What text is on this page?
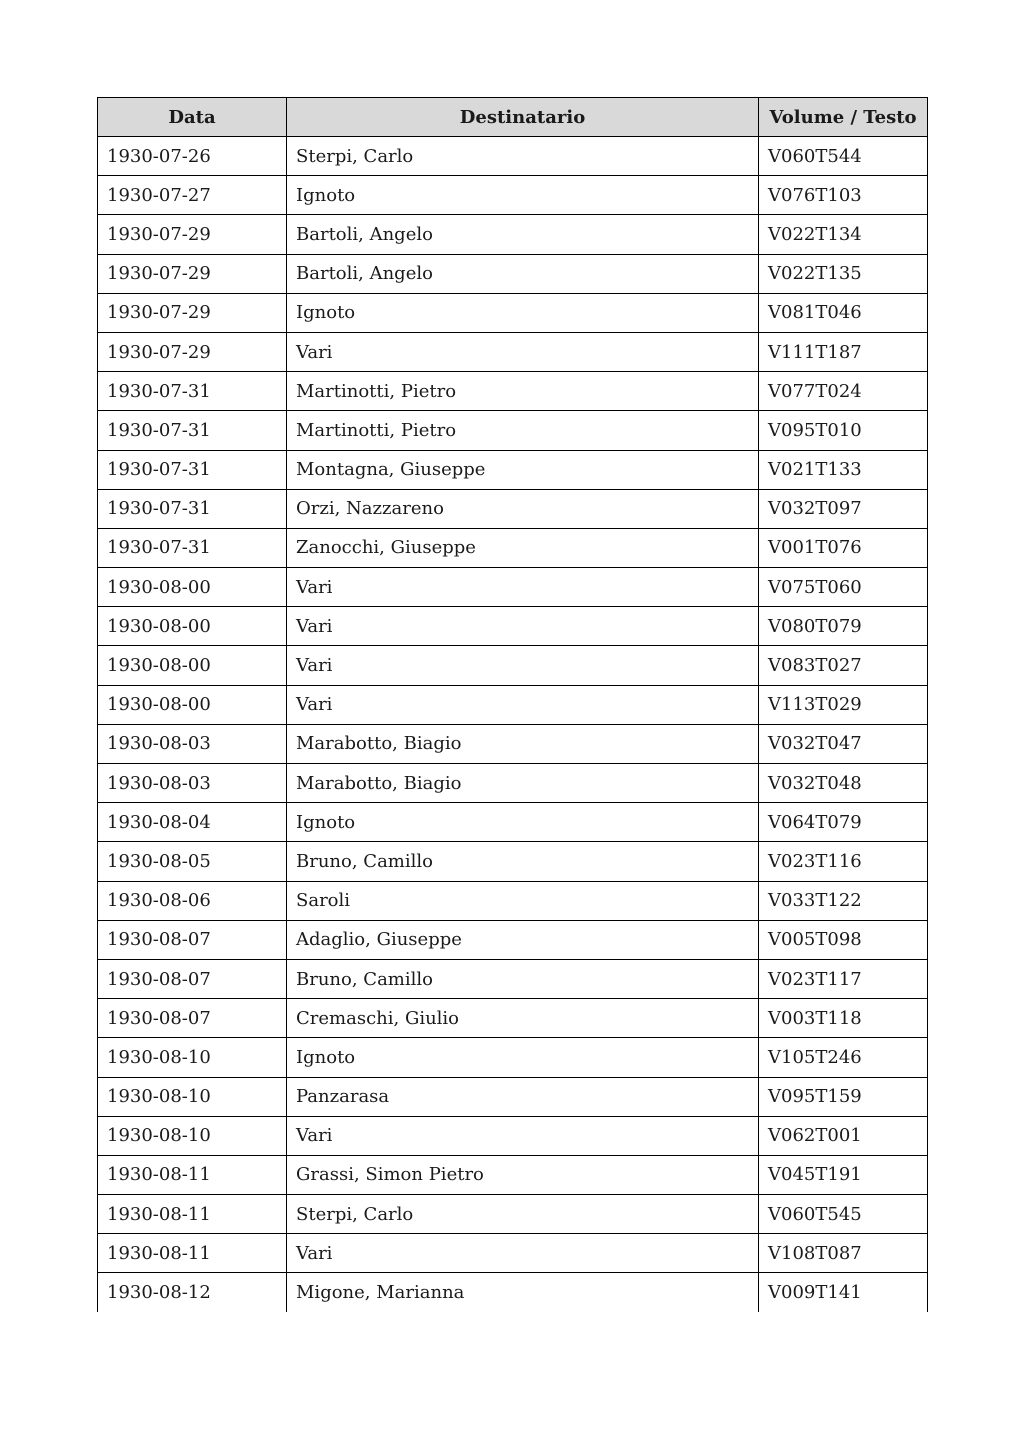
Data	Destinatario	Volume / Testo
1930-07-26	Sterpi, Carlo	V060T544
1930-07-27	Ignoto	V076T103
1930-07-29	Bartoli, Angelo	V022T134
1930-07-29	Bartoli, Angelo	V022T135
1930-07-29	Ignoto	V081T046
1930-07-29	Vari	V111T187
1930-07-31	Martinotti, Pietro	V077T024
1930-07-31	Martinotti, Pietro	V095T010
1930-07-31	Montagna, Giuseppe	V021T133
1930-07-31	Orzi, Nazzareno	V032T097
1930-07-31	Zanocchi, Giuseppe	V001T076
1930-08-00	Vari	V075T060
1930-08-00	Vari	V080T079
1930-08-00	Vari	V083T027
1930-08-00	Vari	V113T029
1930-08-03	Marabotto, Biagio	V032T047
1930-08-03	Marabotto, Biagio	V032T048
1930-08-04	Ignoto	V064T079
1930-08-05	Bruno, Camillo	V023T116
1930-08-06	Saroli	V033T122
1930-08-07	Adaglio, Giuseppe	V005T098
1930-08-07	Bruno, Camillo	V023T117
1930-08-07	Cremaschi, Giulio	V003T118
1930-08-10	Ignoto	V105T246
1930-08-10	Panzarasa	V095T159
1930-08-10	Vari	V062T001
1930-08-11	Grassi, Simon Pietro	V045T191
1930-08-11	Sterpi, Carlo	V060T545
1930-08-11	Vari	V108T087
1930-08-12	Migone, Marianna	V009T141
